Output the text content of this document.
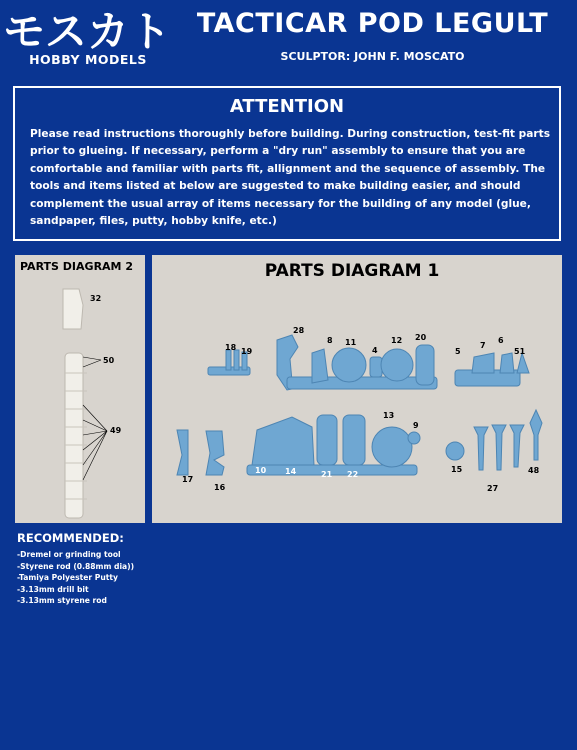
モスカト
HOBBY MODELS
TACTICAR POD LEGULT
SCULPTOR: JOHN F. MOSCATO
ATTENTION
Please read instructions thoroughly before building. During construction, test-fit parts prior to glueing. If necessary, perform a "dry run" assembly to ensure that you are comfortable and familiar with parts fit, allignment and the sequence of assembly. The tools and items listed at below are suggested to make building easier, and should complement the usual array of items necessary for the building of any model (glue, sandpaper, files, putty, hobby knife, etc.)
PARTS DIAGRAM 2
32
50
49
PARTS DIAGRAM 1
28
18 19
8 11
4
12 20
5
7
6
51
13
9
10 14	21 22
15
17
16	27
48
RECOMMENDED:
-Dremel or grinding tool
-Styrene rod (0.88mm dia))
-Tamiya Polyester Putty
-3.13mm drill bit
-3.13mm styrene rod
